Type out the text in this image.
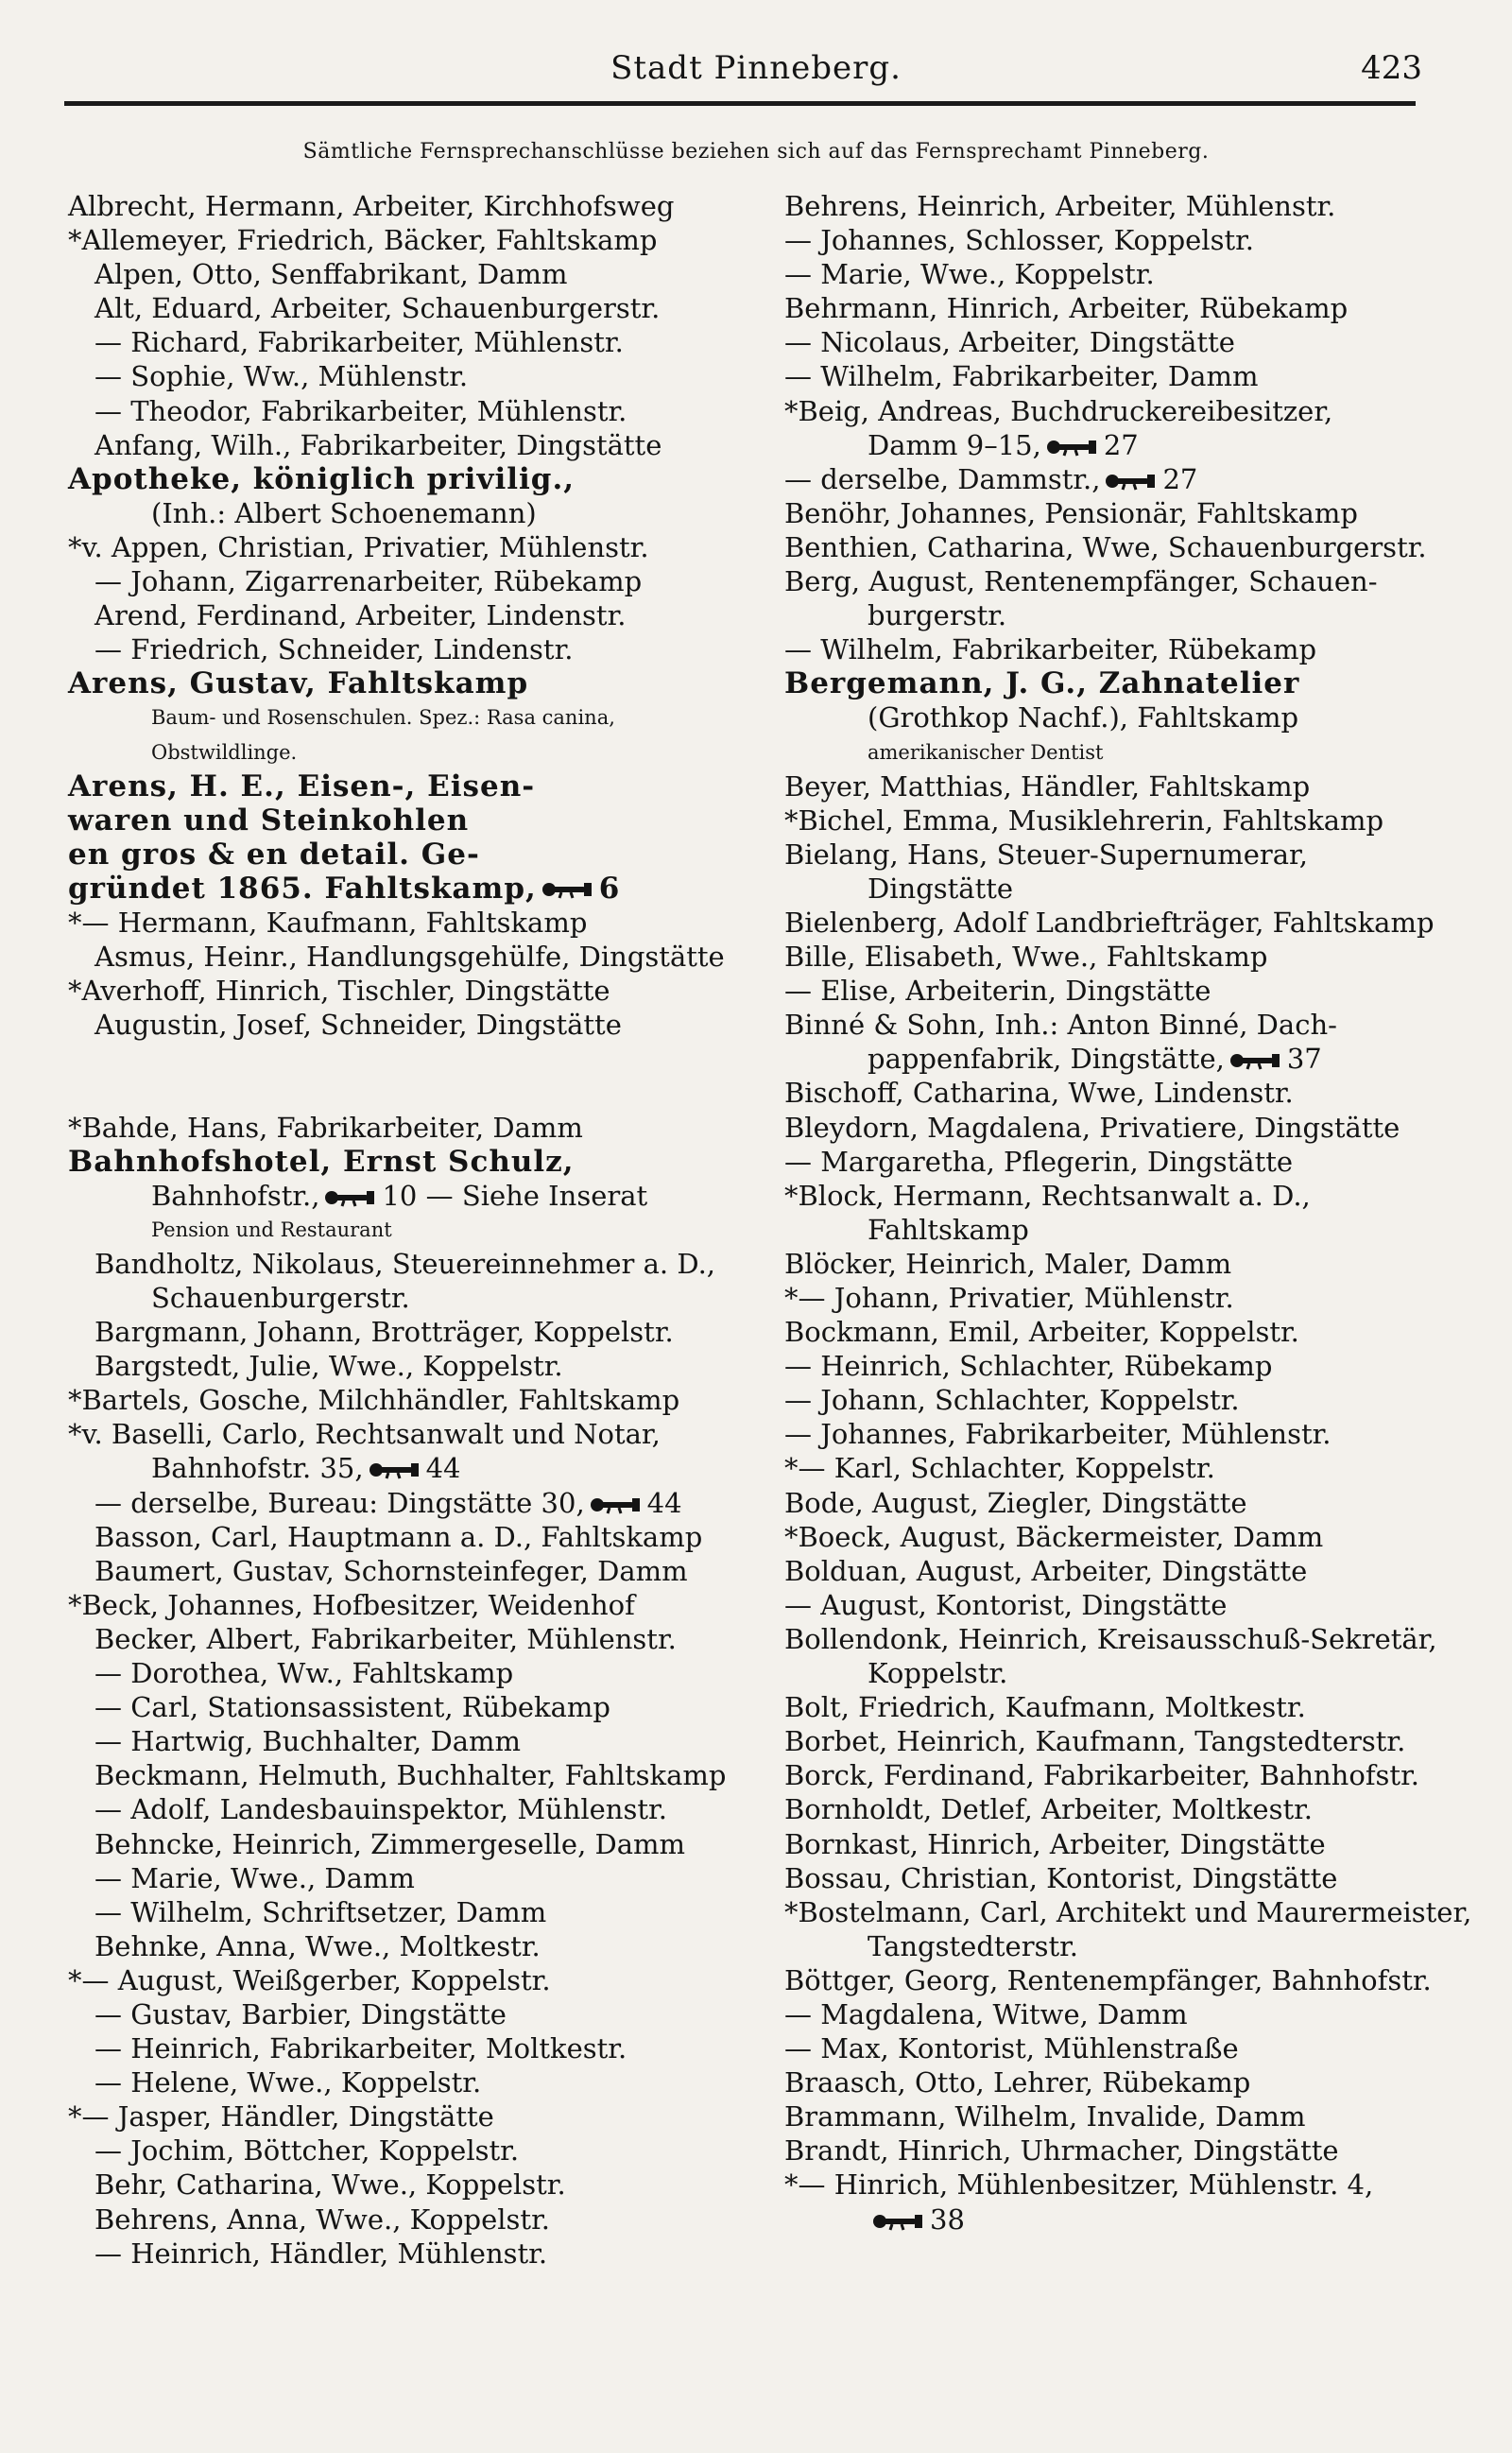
Stadt Pinneberg.	423
Sämtliche Fernsprechanschlüsse beziehen sich auf das Fernsprechamt Pinneberg.
Albrecht, Hermann, Arbeiter, Kirchhofsweg
*Allemeyer, Friedrich, Bäcker, Fahltskamp
Alpen, Otto, Senffabrikant, Damm
Alt, Eduard, Arbeiter, Schauenburgerstr.
— Richard, Fabrikarbeiter, Mühlenstr.
— Sophie, Ww., Mühlenstr.
— Theodor, Fabrikarbeiter, Mühlenstr.
Anfang, Wilh., Fabrikarbeiter, Dingstätte
Apotheke, königlich privilig.,
(Inh.: Albert Schoenemann)
*v. Appen, Christian, Privatier, Mühlenstr.
— Johann, Zigarrenarbeiter, Rübekamp
Arend, Ferdinand, Arbeiter, Lindenstr.
— Friedrich, Schneider, Lindenstr.
Arens, Gustav, Fahltskamp
Baum- und Rosenschulen. Spez.: Rasa canina,
Obstwildlinge.
Arens, H. E., Eisen-, Eisen-
waren und Steinkohlen
en gros & en detail. Ge-
gründet 1865. Fahltskamp, 6
*— Hermann, Kaufmann, Fahltskamp
Asmus, Heinr., Handlungsgehülfe, Dingstätte
*Averhoff, Hinrich, Tischler, Dingstätte
Augustin, Josef, Schneider, Dingstätte
*Bahde, Hans, Fabrikarbeiter, Damm
Bahnhofshotel, Ernst Schulz,
Bahnhofstr., 10 — Siehe Inserat
Pension und Restaurant
Bandholtz, Nikolaus, Steuereinnehmer a. D.,
Schauenburgerstr.
Bargmann, Johann, Brotträger, Koppelstr.
Bargstedt, Julie, Wwe., Koppelstr.
*Bartels, Gosche, Milchhändler, Fahltskamp
*v. Baselli, Carlo, Rechtsanwalt und Notar,
Bahnhofstr. 35, 44
— derselbe, Bureau: Dingstätte 30, 44
Basson, Carl, Hauptmann a. D., Fahltskamp
Baumert, Gustav, Schornsteinfeger, Damm
*Beck, Johannes, Hofbesitzer, Weidenhof
Becker, Albert, Fabrikarbeiter, Mühlenstr.
— Dorothea, Ww., Fahltskamp
— Carl, Stationsassistent, Rübekamp
— Hartwig, Buchhalter, Damm
Beckmann, Helmuth, Buchhalter, Fahltskamp
— Adolf, Landesbauinspektor, Mühlenstr.
Behncke, Heinrich, Zimmergeselle, Damm
— Marie, Wwe., Damm
— Wilhelm, Schriftsetzer, Damm
Behnke, Anna, Wwe., Moltkestr.
*— August, Weißgerber, Koppelstr.
— Gustav, Barbier, Dingstätte
— Heinrich, Fabrikarbeiter, Moltkestr.
— Helene, Wwe., Koppelstr.
*— Jasper, Händler, Dingstätte
— Jochim, Böttcher, Koppelstr.
Behr, Catharina, Wwe., Koppelstr.
Behrens, Anna, Wwe., Koppelstr.
— Heinrich, Händler, Mühlenstr.
Behrens, Heinrich, Arbeiter, Mühlenstr.
— Johannes, Schlosser, Koppelstr.
— Marie, Wwe., Koppelstr.
Behrmann, Hinrich, Arbeiter, Rübekamp
— Nicolaus, Arbeiter, Dingstätte
— Wilhelm, Fabrikarbeiter, Damm
*Beig, Andreas, Buchdruckereibesitzer,
Damm 9–15, 27
— derselbe, Dammstr., 27
Benöhr, Johannes, Pensionär, Fahltskamp
Benthien, Catharina, Wwe, Schauenburgerstr.
Berg, August, Rentenempfänger, Schauen-
burgerstr.
— Wilhelm, Fabrikarbeiter, Rübekamp
Bergemann, J. G., Zahnatelier
(Grothkop Nachf.), Fahltskamp
amerikanischer Dentist
Beyer, Matthias, Händler, Fahltskamp
*Bichel, Emma, Musiklehrerin, Fahltskamp
Bielang, Hans, Steuer-Supernumerar,
Dingstätte
Bielenberg, Adolf Landbriefträger, Fahltskamp
Bille, Elisabeth, Wwe., Fahltskamp
— Elise, Arbeiterin, Dingstätte
Binné & Sohn, Inh.: Anton Binné, Dach-
pappenfabrik, Dingstätte, 37
Bischoff, Catharina, Wwe, Lindenstr.
Bleydorn, Magdalena, Privatiere, Dingstätte
— Margaretha, Pflegerin, Dingstätte
*Block, Hermann, Rechtsanwalt a. D.,
Fahltskamp
Blöcker, Heinrich, Maler, Damm
*— Johann, Privatier, Mühlenstr.
Bockmann, Emil, Arbeiter, Koppelstr.
— Heinrich, Schlachter, Rübekamp
— Johann, Schlachter, Koppelstr.
— Johannes, Fabrikarbeiter, Mühlenstr.
*— Karl, Schlachter, Koppelstr.
Bode, August, Ziegler, Dingstätte
*Boeck, August, Bäckermeister, Damm
Bolduan, August, Arbeiter, Dingstätte
— August, Kontorist, Dingstätte
Bollendonk, Heinrich, Kreisausschuß-Sekretär,
Koppelstr.
Bolt, Friedrich, Kaufmann, Moltkestr.
Borbet, Heinrich, Kaufmann, Tangstedterstr.
Borck, Ferdinand, Fabrikarbeiter, Bahnhofstr.
Bornholdt, Detlef, Arbeiter, Moltkestr.
Bornkast, Hinrich, Arbeiter, Dingstätte
Bossau, Christian, Kontorist, Dingstätte
*Bostelmann, Carl, Architekt und Maurermeister,
Tangstedterstr.
Böttger, Georg, Rentenempfänger, Bahnhofstr.
— Magdalena, Witwe, Damm
— Max, Kontorist, Mühlenstraße
Braasch, Otto, Lehrer, Rübekamp
Brammann, Wilhelm, Invalide, Damm
Brandt, Hinrich, Uhrmacher, Dingstätte
*— Hinrich, Mühlenbesitzer, Mühlenstr. 4,
38
